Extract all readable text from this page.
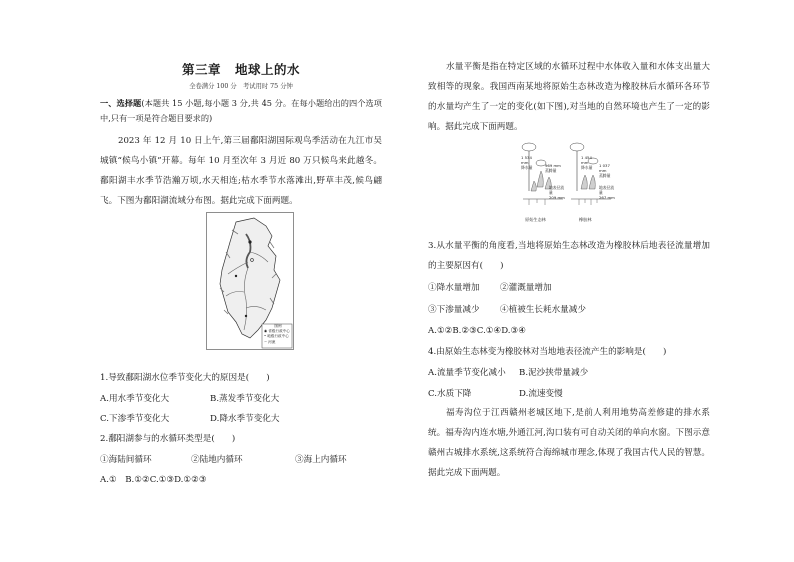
第三章 地球上的水
全卷满分 100 分　考试用时 75 分钟
一、选择题(本题共 15 小题,每小题 3 分,共 45 分。在每小题给出的四个选项中,只有一项是符合题目要求的)
2023 年 12 月 10 日上午,第三届鄱阳湖国际观鸟季活动在九江市吴城镇“候鸟小镇”开幕。每年 10 月至次年 3 月近 80 万只候鸟来此越冬。鄱阳湖丰水季节浩瀚万顷,水天相连;枯水季节水落滩出,野草丰茂,候鸟翩飞。下图为鄱阳湖流域分布图。据此完成下面两题。
图例
◉ 省级行政中心
• 地级行政中心
∼ 河流
1.导致鄱阳湖水位季节变化大的原因是(　　)
A.用水季节变化大	B.蒸发季节变化大
C.下渗季节变化大	D.降水季节变化大
2.鄱阳湖参与的水循环类型是(　　)
①海陆间循环	②陆地内循环	③海上内循环
A.①　B.①②C.①③D.①②③
水量平衡是指在特定区域的水循环过程中水体收入量和水体支出量大致相等的现象。我国西南某地将原始生态林改造为橡胶林后水循环各环节的水量均产生了一定的变化(如下图),对当地的自然环境也产生了一定的影响。据此完成下面两题。
1 534 mm
降水量	969 mm
蒸腾量
地表径流量
209 mm
1 454 mm
降水量	1 037 mm
蒸腾量
地表径流量
267 mm
原始生态林	橡胶林
3.从水量平衡的角度看,当地将原始生态林改造为橡胶林后地表径流量增加的主要原因有(　　)
①降水量增加 ②灌溉量增加
③下渗量减少 ④植被生长耗水量减少
A.①②B.②③C.①④D.③④
4.由原始生态林变为橡胶林对当地地表径流产生的影响是(　　)
A.流量季节变化减小 B.泥沙挟带量减少
C.水质下降	D.流速变慢
福寿沟位于江西赣州老城区地下,是前人利用地势高差修建的排水系统。福寿沟内连水塘,外通江河,沟口装有可自动关闭的单向水窗。下图示意赣州古城排水系统,这系统符合海绵城市理念,体现了我国古代人民的智慧。据此完成下面两题。
